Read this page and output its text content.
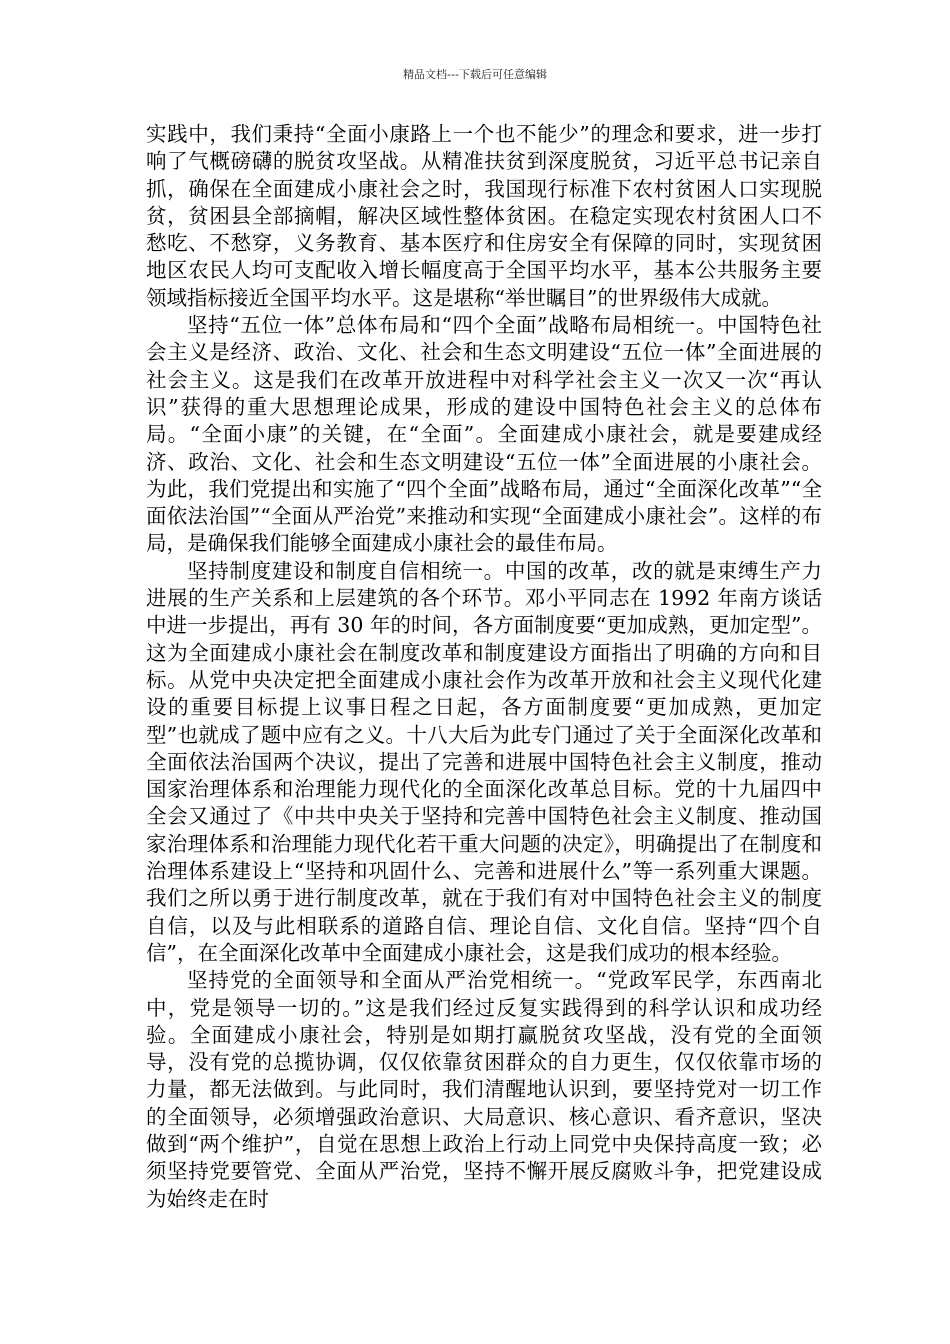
精品文档---下载后可任意编辑

实践中，我们秉持“全面小康路上一个也不能少”的理念和要求，进一步打响了气概磅礴的脱贫攻坚战。从精准扶贫到深度脱贫，习近平总书记亲自抓，确保在全面建成小康社会之时，我国现行标准下农村贫困人口实现脱贫，贫困县全部摘帽，解决区域性整体贫困。在稳定实现农村贫困人口不愁吃、不愁穿，义务教育、基本医疗和住房安全有保障的同时，实现贫困地区农民人均可支配收入增长幅度高于全国平均水平，基本公共服务主要领域指标接近全国平均水平。这是堪称“举世瞩目”的世界级伟大成就。

坚持“五位一体”总体布局和“四个全面”战略布局相统一。中国特色社会主义是经济、政治、文化、社会和生态文明建设“五位一体”全面进展的社会主义。这是我们在改革开放进程中对科学社会主义一次又一次“再认识”获得的重大思想理论成果，形成的建设中国特色社会主义的总体布局。“全面小康”的关键，在“全面”。全面建成小康社会，就是要建成经济、政治、文化、社会和生态文明建设“五位一体”全面进展的小康社会。为此，我们党提出和实施了“四个全面”战略布局，通过“全面深化改革”“全面依法治国”“全面从严治党”来推动和实现“全面建成小康社会”。这样的布局，是确保我们能够全面建成小康社会的最佳布局。

坚持制度建设和制度自信相统一。中国的改革，改的就是束缚生产力进展的生产关系和上层建筑的各个环节。邓小平同志在 1992 年南方谈话中进一步提出，再有 30 年的时间，各方面制度要“更加成熟，更加定型”。这为全面建成小康社会在制度改革和制度建设方面指出了明确的方向和目标。从党中央决定把全面建成小康社会作为改革开放和社会主义现代化建设的重要目标提上议事日程之日起，各方面制度要“更加成熟，更加定型”也就成了题中应有之义。十八大后为此专门通过了关于全面深化改革和全面依法治国两个决议，提出了完善和进展中国特色社会主义制度，推动国家治理体系和治理能力现代化的全面深化改革总目标。党的十九届四中全会又通过了《中共中央关于坚持和完善中国特色社会主义制度、推动国家治理体系和治理能力现代化若干重大问题的决定》，明确提出了在制度和治理体系建设上“坚持和巩固什么、完善和进展什么”等一系列重大课题。我们之所以勇于进行制度改革，就在于我们有对中国特色社会主义的制度自信，以及与此相联系的道路自信、理论自信、文化自信。坚持“四个自信”，在全面深化改革中全面建成小康社会，这是我们成功的根本经验。

坚持党的全面领导和全面从严治党相统一。“党政军民学，东西南北中，党是领导一切的。”这是我们经过反复实践得到的科学认识和成功经验。全面建成小康社会，特别是如期打赢脱贫攻坚战，没有党的全面领导，没有党的总揽协调，仅仅依靠贫困群众的自力更生，仅仅依靠市场的力量，都无法做到。与此同时，我们清醒地认识到，要坚持党对一切工作的全面领导，必须增强政治意识、大局意识、核心意识、看齐意识，坚决做到“两个维护”，自觉在思想上政治上行动上同党中央保持高度一致；必须坚持党要管党、全面从严治党，坚持不懈开展反腐败斗争，把党建设成为始终走在时
